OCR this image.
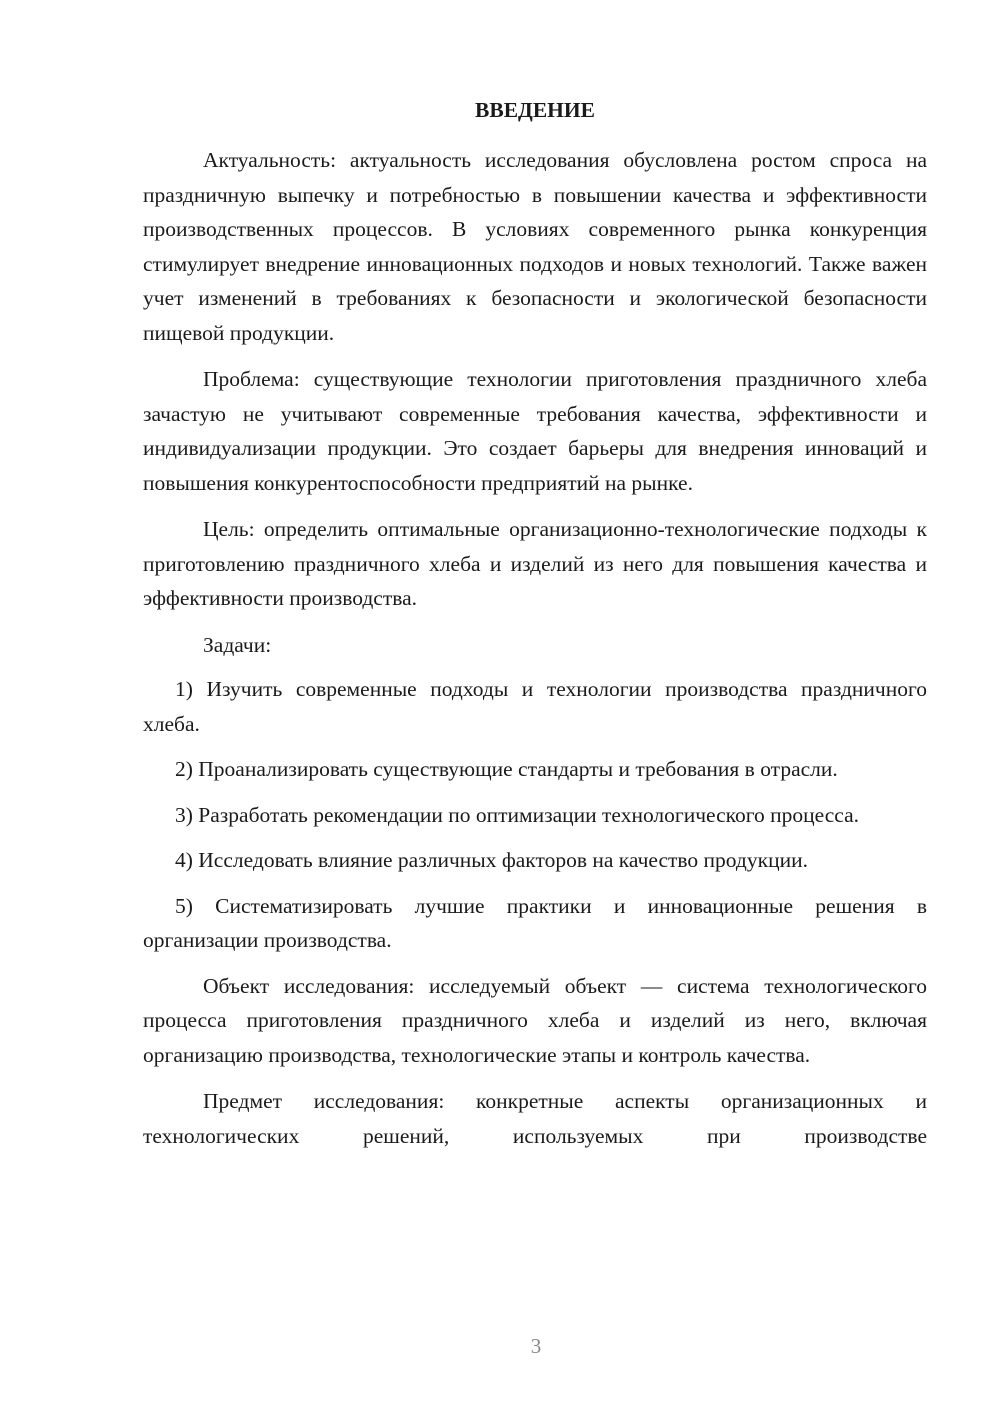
ВВЕДЕНИЕ

Актуальность: актуальность исследования обусловлена ростом спроса на праздничную выпечку и потребностью в повышении качества и эффективности производственных процессов. В условиях современного рынка конкуренция стимулирует внедрение инновационных подходов и новых технологий. Также важен учет изменений в требованиях к безопасности и экологической безопасности пищевой продукции.

Проблема: существующие технологии приготовления праздничного хлеба зачастую не учитывают современные требования качества, эффективности и индивидуализации продукции. Это создает барьеры для внедрения инноваций и повышения конкурентоспособности предприятий на рынке.

Цель: определить оптимальные организационно-технологические подходы к приготовлению праздничного хлеба и изделий из него для повышения качества и эффективности производства.

Задачи:

1) Изучить современные подходы и технологии производства праздничного хлеба.

2) Проанализировать существующие стандарты и требования в отрасли.

3) Разработать рекомендации по оптимизации технологического процесса.

4) Исследовать влияние различных факторов на качество продукции.

5) Систематизировать лучшие практики и инновационные решения в организации производства.

Объект исследования: исследуемый объект — система технологического процесса приготовления праздничного хлеба и изделий из него, включая организацию производства, технологические этапы и контроль качества.

Предмет исследования: конкретные аспекты организационных и технологических решений, используемых при производстве

3
